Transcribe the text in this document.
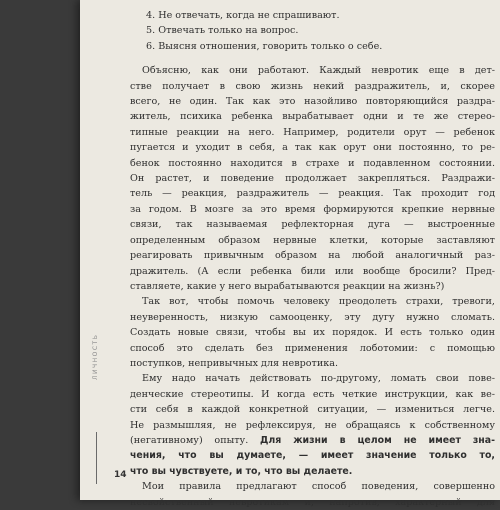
4. Не отвечать, когда не спрашивают.
5. Отвечать только на вопрос.
6. Выясня отношения, говорить только о себе.
Объясню, как они работают. Каждый невротик еще в дет-
стве получает в свою жизнь некий раздражитель, и, скорее
всего, не один. Так как это назойливо повторяющийся раздра-
житель, психика ребенка вырабатывает одни и те же стерео-
типные реакции на него. Например, родители орут — ребенок
пугается и уходит в себя, а так как орут они постоянно, то ре-
бенок постоянно находится в страхе и подавленном состоянии.
Он растет, и поведение продолжает закрепляться. Раздражи-
тель — реакция, раздражитель — реакция. Так проходит год
за годом. В мозге за это время формируются крепкие нервные
связи, так называемая рефлекторная дуга — выстроенные
определенным образом нервные клетки, которые заставляют
реагировать привычным образом на любой аналогичный раз-
дражитель. (А если ребенка били или вообще бросили? Пред-
ставляете, какие у него вырабатываются реакции на жизнь?)
Так вот, чтобы помочь человеку преодолеть страхи, тревоги,
неуверенность, низкую самооценку, эту дугу нужно сломать.
Создать новые связи, чтобы вы их порядок. И есть только один
способ это сделать без применения лоботомии: с помощью
поступков, непривычных для невротика.
Ему надо начать действовать по-другому, ломать свои пове-
денческие стереотипы. И когда есть четкие инструкции, как ве-
сти себя в каждой конкретной ситуации, — измениться легче.
Не размышляя, не рефлексируя, не обращаясь к собственному
(негативному) опыту. Для жизни в целом не имеет зна-
чения, что вы думаете, — имеет значение только то,
что вы чувствуете, и то, что вы делаете.
Мои правила предлагают способ поведения, совершенно
несвойственный невротикам и, напротив, характерный для
ЛИЧНОСТЬ
14
